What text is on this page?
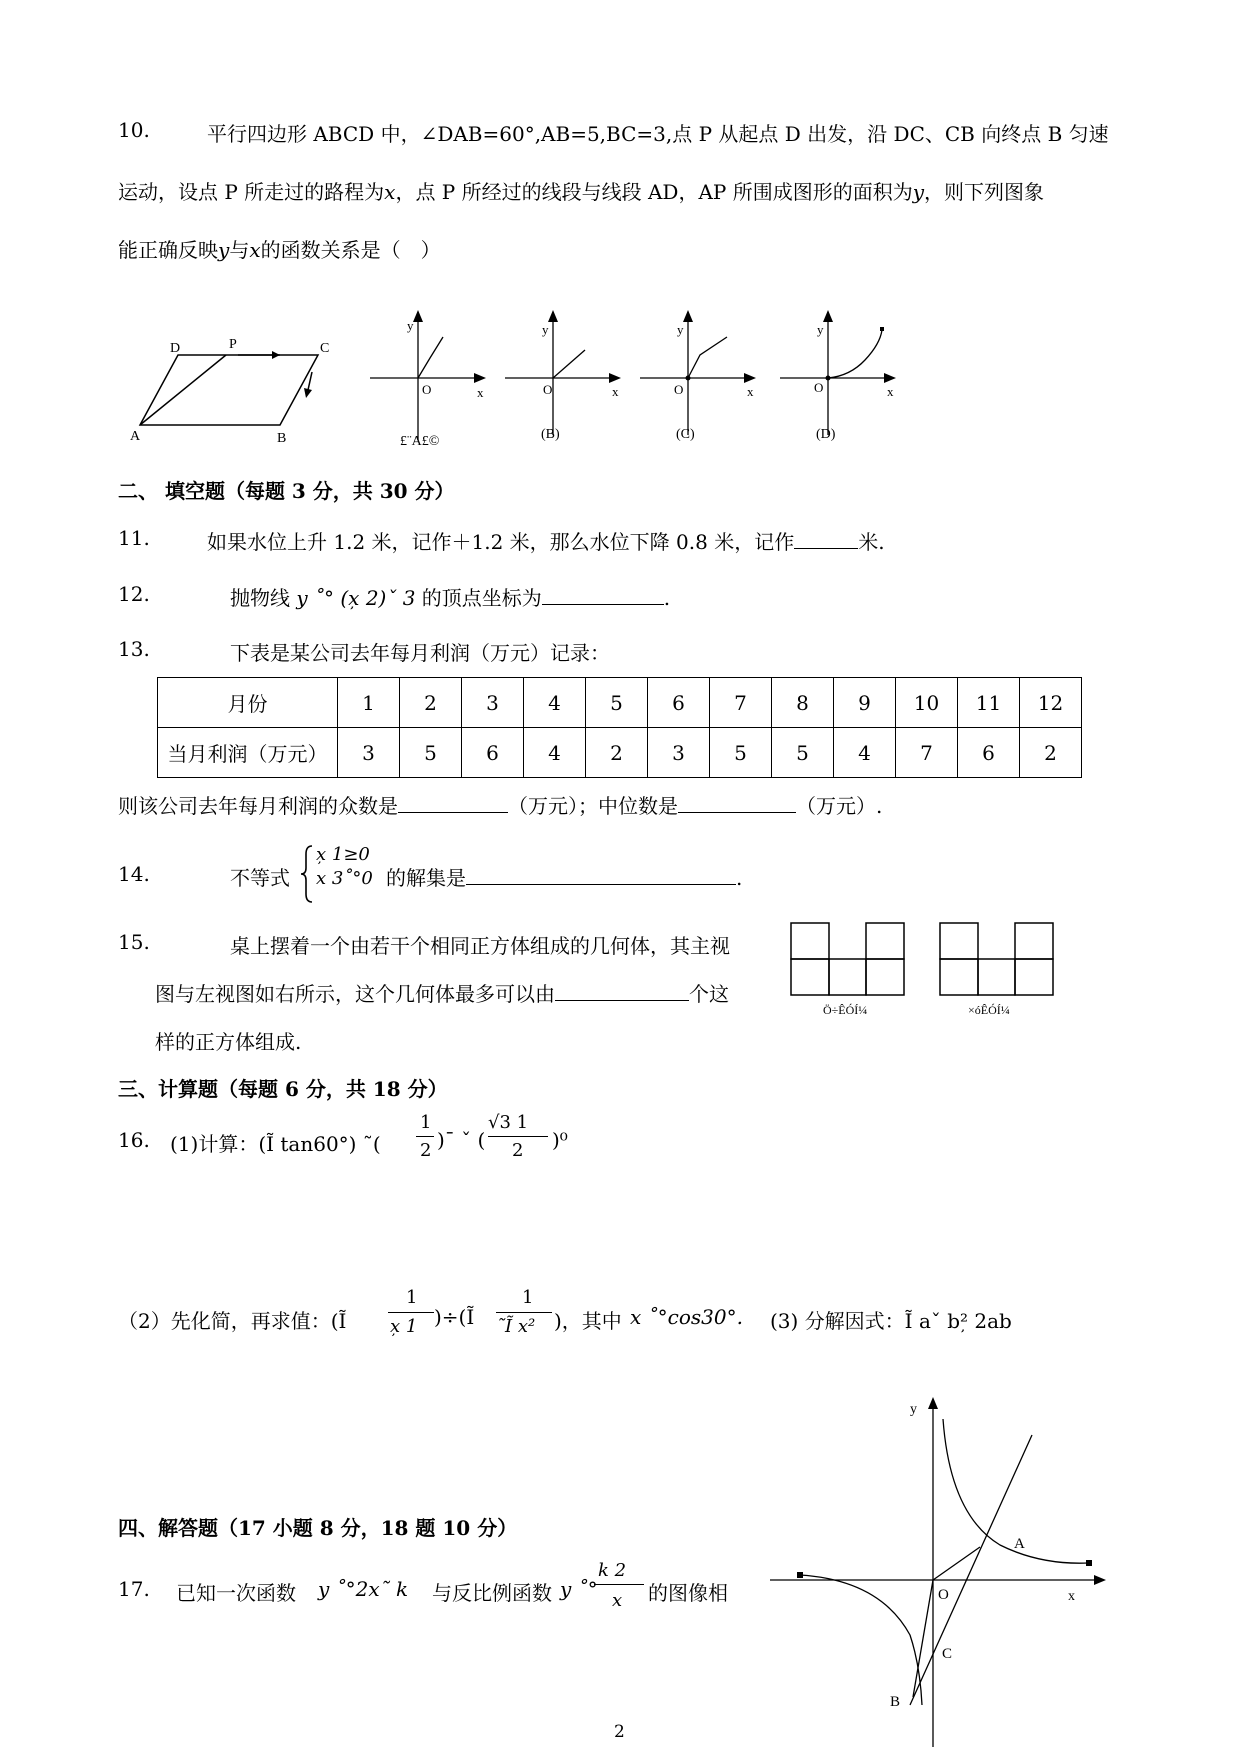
10.	平行四边形 ABCD 中，∠DAB=60°,AB=5,BC=3,点 P 从起点 D 出发，沿 DC、CB 向终点 B 匀速
运动，设点 P 所走过的路程为x，点 P 所经过的线段与线段 AD，AP 所围成图形的面积为y，则下列图象
能正确反映y与x的函数关系是（　）
A	B
C
D	P
y
O	x
£¨A£©
y
O	x
(B)
y
O	x
(C)
y
O	x
(D)
二、 填空题（每题 3 分，共 30 分）
11.	如果水位上升 1.2 米，记作＋1.2 米，那么水位下降 0.8 米，记作	米.
12.	抛物线 y ˚° (x̦ 2)ˇ 3 的顶点坐标为	.
13.	下表是某公司去年每月利润（万元）记录：
月份	1	2	3	4	5	6	7	8	9	10	11	12
当月利润（万元）	3	5	6	4	2	3	5	5	4	7	6	2
则该公司去年每月利润的众数是	（万元）；中位数是	（万元）.
14.	不等式
x̦ 1≥0
x 3˚°0 的解集是	.
15.	桌上摆着一个由若干个相同正方体组成的几何体，其主视
图与左视图如右所示，这个几何体最多可以由	个这
样的正方体组成.
Ö÷ÊÓÍ¼	×óÊÓÍ¼
三、计算题（每题 6 分，共 18 分）
16. (1)计算：(Ĩ tan60°) ˜(
1
2 )ˉ ˇ (
√3 1
2 )⁰
（2）先化简，再求值：(Ĩ
1
x̦ 1 )÷(Ĩ
1
˜Ĩ x² )，其中 x ˚°cos30°. (3) 分解因式：Ĩ aˇ b²̦ 2ab
四、解答题（17 小题 8 分，18 题 10 分）
17. 已知一次函数 y ˚°2x˜ k 与反比例函数 y ˚°
k 2
x 的图像相
y
x
O
A
B
C
2
